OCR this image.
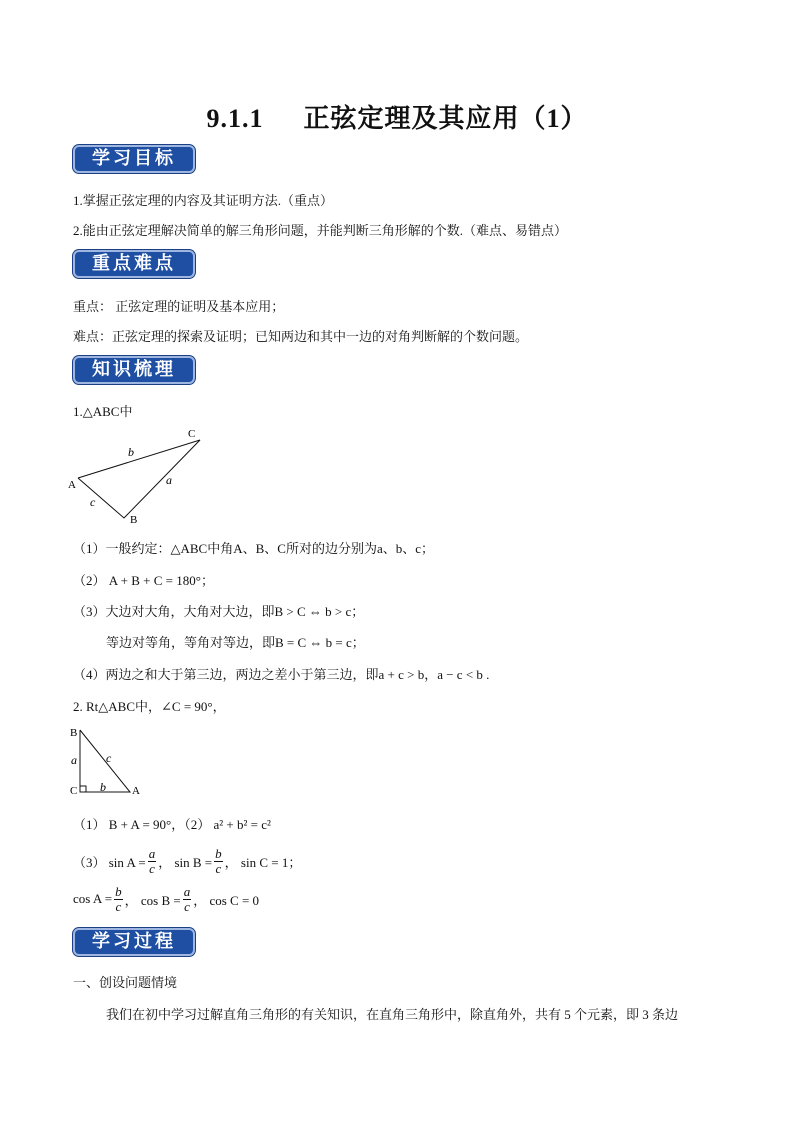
9.1.1 正弦定理及其应用（1）
学习目标
1.掌握正弦定理的内容及其证明方法.（重点）
2.能由正弦定理解决简单的解三角形问题，并能判断三角形解的个数.（难点、易错点）
重点难点
重点： 正弦定理的证明及基本应用；
难点：正弦定理的探索及证明；已知两边和其中一边的对角判断解的个数问题。
知识梳理
1.△ABC中
A
C
B
b
a
c
（1）一般约定：△ABC中角A、B、C所对的边分别为a、b、c；
（2） A + B + C = 180°；
（3）大边对大角，大角对大边，即B > C ⇔ b > c；
等边对等角，等角对等边，即B = C ⇔ b = c；
（4）两边之和大于第三边，两边之差小于第三边，即a + c > b，a − c < b .
2. Rt△ABC中，∠C = 90°，
B
C	A
a c
b
（1） B + A = 90°，（2） a² + b² = c²
（3） $\sin A = \frac{a}{c}$ ， $\sin B = \frac{b}{c}$ ， sin C = 1；
$\cos A = \frac{b}{c}$ ， $\cos B = \frac{a}{c}$ ， cos C = 0
学习过程
一、创设问题情境
我们在初中学习过解直角三角形的有关知识，在直角三角形中，除直角外，共有 5 个元素，即 3 条边
